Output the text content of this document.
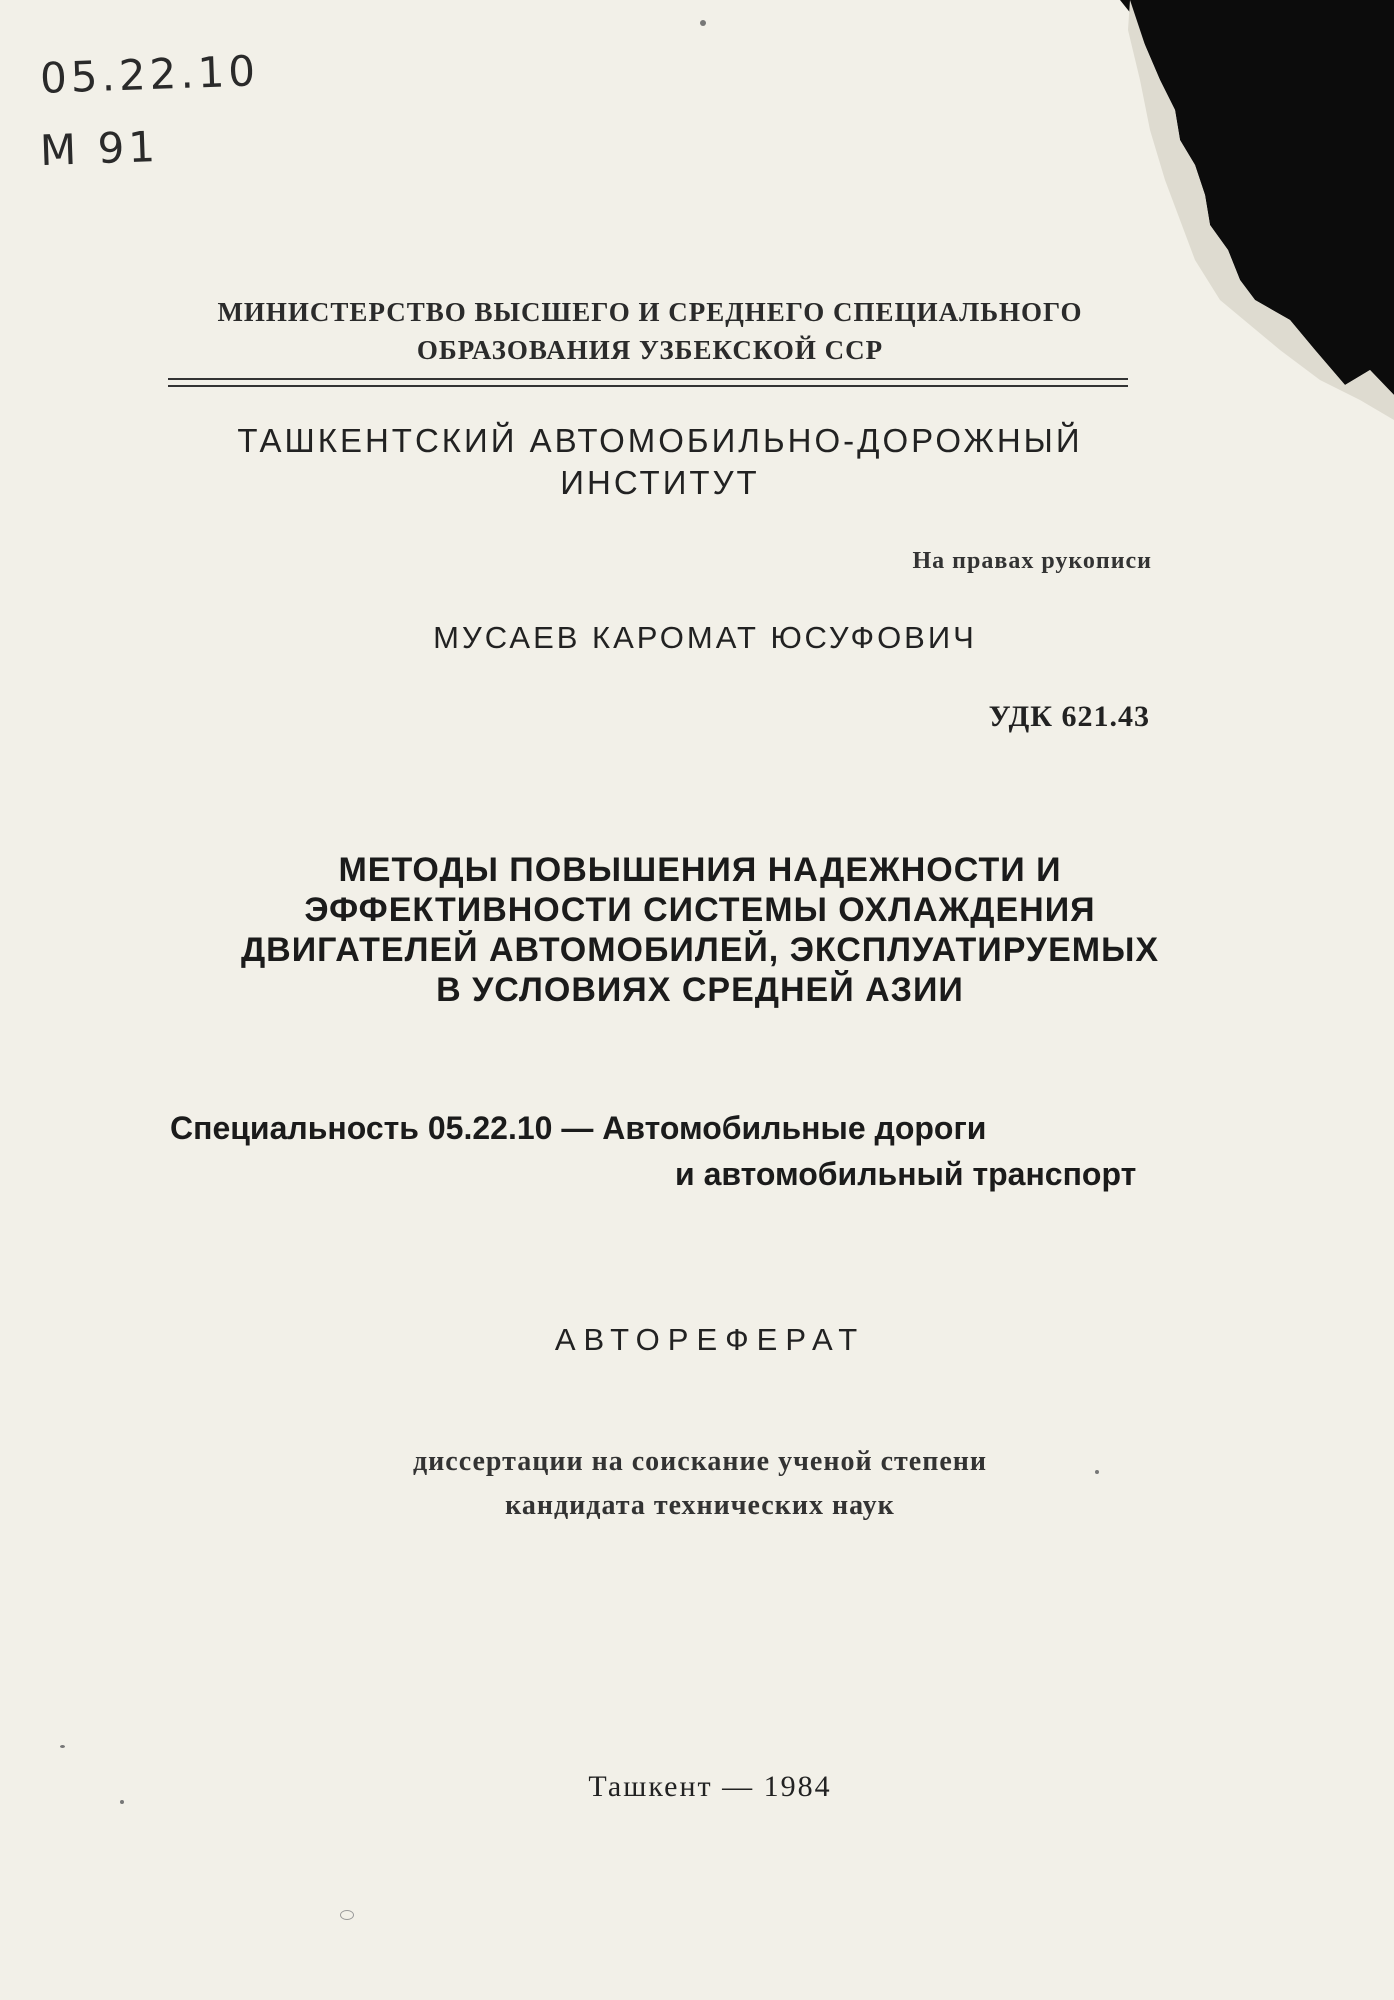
05.22.10
M 91
МИНИСТЕРСТВО ВЫСШЕГО И СРЕДНЕГО СПЕЦИАЛЬНОГО
ОБРАЗОВАНИЯ УЗБЕКСКОЙ ССР
ТАШКЕНТСКИЙ АВТОМОБИЛЬНО-ДОРОЖНЫЙ
ИНСТИТУТ
На правах рукописи
МУСАЕВ КАРОМАТ ЮСУФОВИЧ
УДК 621.43
МЕТОДЫ ПОВЫШЕНИЯ НАДЕЖНОСТИ И
ЭФФЕКТИВНОСТИ СИСТЕМЫ ОХЛАЖДЕНИЯ
ДВИГАТЕЛЕЙ АВТОМОБИЛЕЙ, ЭКСПЛУАТИРУЕМЫХ
В УСЛОВИЯХ СРЕДНЕЙ АЗИИ
Специальность 05.22.10 — Автомобильные дороги
и автомобильный транспорт
АВТОРЕФЕРАТ
диссертации на соискание ученой степени
кандидата технических наук
Ташкент — 1984
